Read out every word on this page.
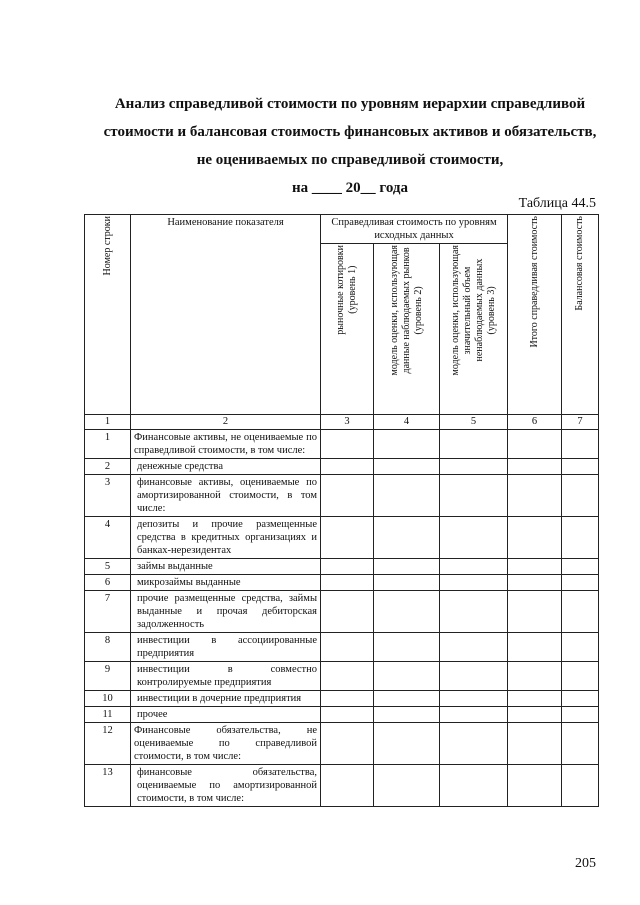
Анализ справедливой стоимости по уровням иерархии справедливой
стоимости и балансовая стоимость финансовых активов и обязательств,
не оцениваемых по справедливой стоимости,
на ____ 20__ года
Таблица 44.5
Номер строки	Наименование показателя	Справедливая стоимость по уровням исходных данных			Итого справедливая стоимость	Балансовая стоимость
		рыночные котировки
(уровень 1)	модель оценки, использующая
данные наблюдаемых рынков
(уровень 2)	модель оценки, использующая
значительный объем
ненаблюдаемых данных
(уровень 3)		
1	2	3	4	5	6	7
1	Финансовые активы, не оцениваемые по справедливой стоимости, в том числе:					
2	денежные средства					
3	финансовые активы, оцениваемые по амортизированной стоимости, в том числе:					
4	депозиты и прочие размещенные средства в кредитных организациях и банках-нерезидентах					
5	займы выданные					
6	микрозаймы выданные					
7	прочие размещенные средства, займы выданные и прочая дебиторская задолженность					
8	инвестиции в ассоциированные предприятия					
9	инвестиции в совместно контролируемые предприятия					
10	инвестиции в дочерние предприятия					
11	прочее					
12	Финансовые обязательства, не оцениваемые по справедливой стоимости, в том числе:					
13	финансовые обязательства, оцениваемые по амортизированной стоимости, в том числе:					
205
